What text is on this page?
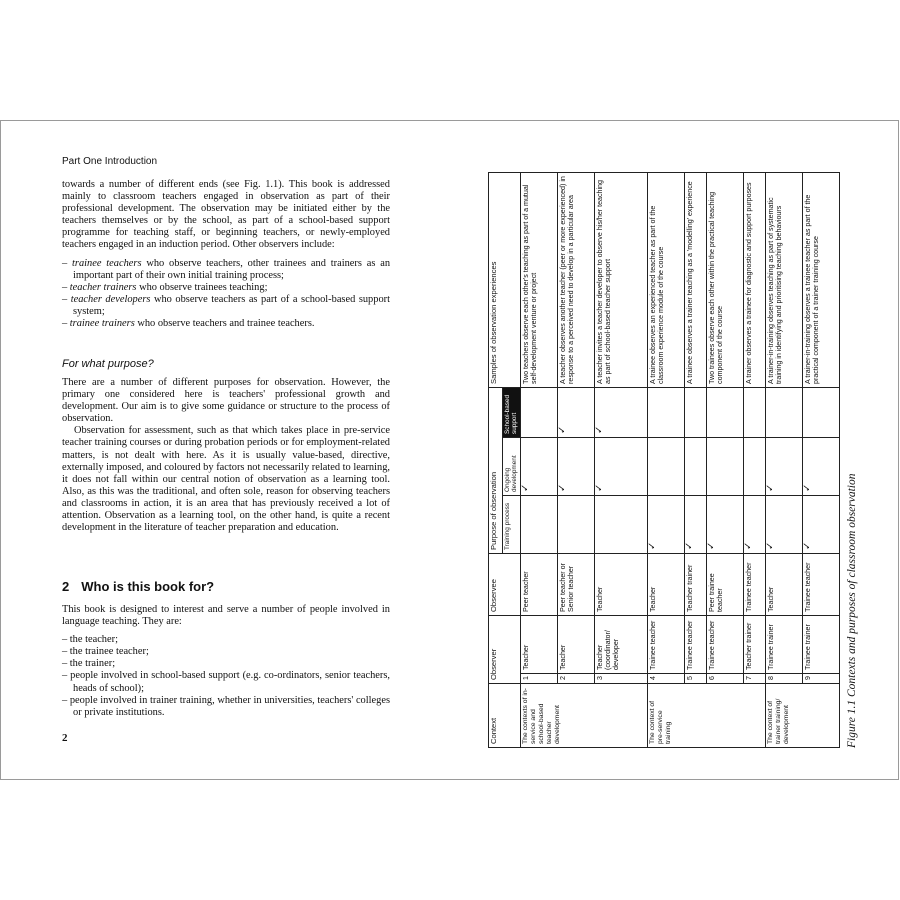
Part One Introduction

towards a number of different ends (see Fig. 1.1). This book is addressed mainly to classroom teachers engaged in observation as part of their professional development. The observation may be initiated either by the teachers themselves or by the school, as part of a school-based support programme for teaching staff, or beginning teachers, or newly-employed teachers engaged in an induction period. Other observers include:

– trainee teachers who observe teachers, other trainees and trainers as an important part of their own initial training process;
– teacher trainers who observe trainees teaching;
– teacher developers who observe teachers as part of a school-based support system;
– trainee trainers who observe teachers and trainee teachers.
For what purpose?

There are a number of different purposes for observation. However, the primary one considered here is teachers' professional growth and development. Our aim is to give some guidance or structure to the process of observation.

Observation for assessment, such as that which takes place in pre-service teacher training courses or during probation periods or for employment-related matters, is not dealt with here. As it is usually value-based, directive, externally imposed, and coloured by factors not necessarily related to learning, it does not fall within our central notion of observation as a learning tool. Also, as this was the traditional, and often sole, reason for observing teachers and classrooms in action, it is an area that has previously received a lot of attention. Observation as a learning tool, on the other hand, is quite a recent development in the literature of teacher preparation and education.

2 Who is this book for?

This book is designed to interest and serve a number of people involved in language teaching. They are:

– the teacher;
– the trainee teacher;
– the trainer;
– people involved in school-based support (e.g. co-ordinators, senior teachers, heads of school);
– people involved in trainer training, whether in universities, teachers' colleges or private institutions.
2	Context	Observer		Observee	Purpose of observation			Samples of observation experiences
				Training process	Ongoing development	School-based support	
The contexts of in-service and school-based teacher development	1	Teacher	Peer teacher		✓		Two teachers observe each other's teaching as part of a mutual self-development venture or project
	2	Teacher	Peer teacher or Senior teacher		✓	✓	A teacher observes another teacher (peer or more experienced) in response to a perceived need to develop in a particular area
	3	Teacher (coordinator/ developer	Teacher		✓	✓	A teacher invites a teacher developer to observe his/her teaching as part of school-based teacher support
The context of pre-service training	4	Trainee teacher	Teacher	✓			A trainee observes an experienced teacher as part of the classroom experience module of the course
	5	Trainee teacher	Teacher trainer	✓			A trainee observes a trainer teaching as a 'modelling' experience
	6	Trainee teacher	Peer trainee teacher	✓			Two trainees observe each other within the practical teaching component of the course
	7	Teacher trainer	Trainee teacher	✓			A trainer observes a trainee for diagnostic and support purposes
The context of trainer training/ development	8	Trainee trainer	Teacher	✓	✓		A trainer-in-training observes teaching as part of systematic training in identifying and prioritising teaching behaviours
	9	Trainee trainer	Trainee teacher	✓	✓		A trainer-in-training observes a trainee teacher as part of the practical component of a trainer training course
Figure 1.1 Contexts and purposes of classroom observation
